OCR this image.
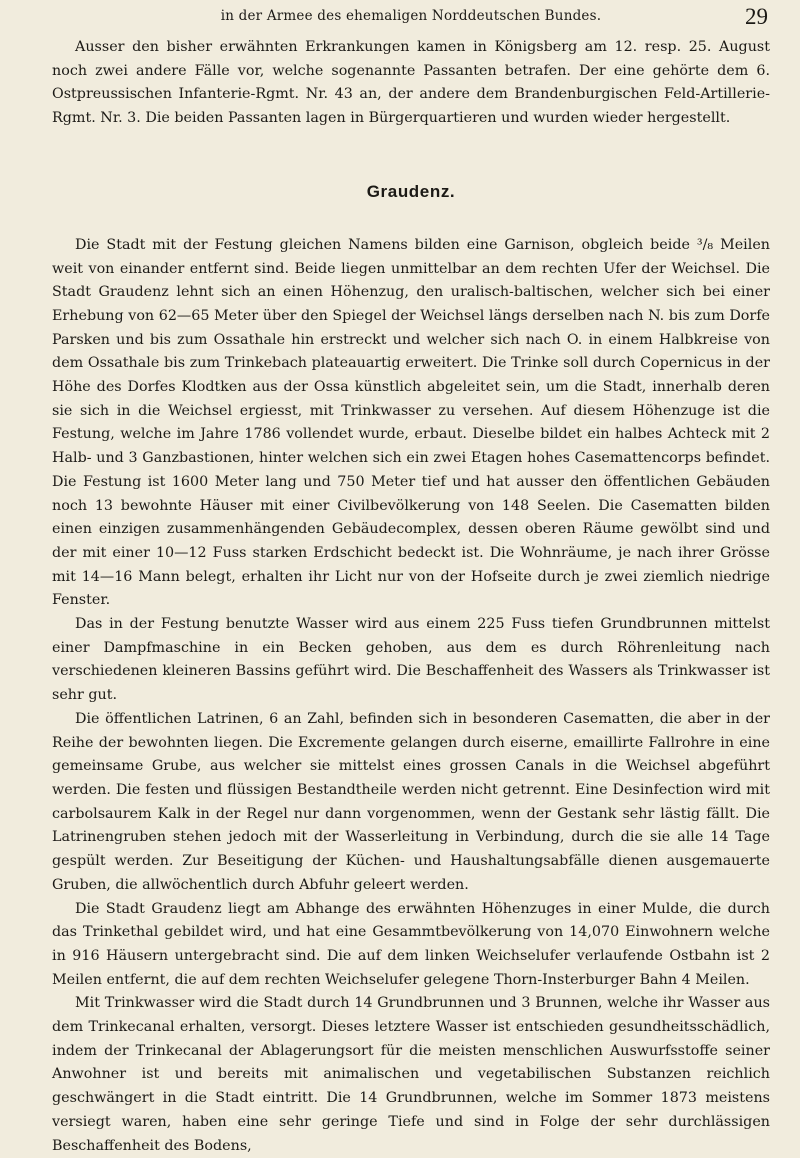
in der Armee des ehemaligen Norddeutschen Bundes.	29

Ausser den bisher erwähnten Erkrankungen kamen in Königsberg am 12. resp. 25. August noch zwei andere Fälle vor, welche sogenannte Passanten betrafen. Der eine gehörte dem 6. Ostpreussischen Infanterie-Rgmt. Nr. 43 an, der andere dem Brandenburgischen Feld-Artillerie-Rgmt. Nr. 3. Die beiden Passanten lagen in Bürgerquartieren und wurden wieder hergestellt.

Graudenz.

Die Stadt mit der Festung gleichen Namens bilden eine Garnison, obgleich beide ³/₈ Meilen weit von einander entfernt sind. Beide liegen unmittelbar an dem rechten Ufer der Weichsel. Die Stadt Graudenz lehnt sich an einen Höhenzug, den uralisch-baltischen, welcher sich bei einer Erhebung von 62—65 Meter über den Spiegel der Weichsel längs derselben nach N. bis zum Dorfe Parsken und bis zum Ossathale hin erstreckt und welcher sich nach O. in einem Halbkreise von dem Ossathale bis zum Trinkebach plateauartig erweitert. Die Trinke soll durch Copernicus in der Höhe des Dorfes Klodtken aus der Ossa künstlich abgeleitet sein, um die Stadt, innerhalb deren sie sich in die Weichsel ergiesst, mit Trinkwasser zu versehen. Auf diesem Höhenzuge ist die Festung, welche im Jahre 1786 vollendet wurde, erbaut. Dieselbe bildet ein halbes Achteck mit 2 Halb- und 3 Ganzbastionen, hinter welchen sich ein zwei Etagen hohes Casemattencorps befindet. Die Festung ist 1600 Meter lang und 750 Meter tief und hat ausser den öffentlichen Gebäuden noch 13 bewohnte Häuser mit einer Civilbevölkerung von 148 Seelen. Die Casematten bilden einen einzigen zusammenhängenden Gebäudecomplex, dessen oberen Räume gewölbt sind und der mit einer 10—12 Fuss starken Erdschicht bedeckt ist. Die Wohnräume, je nach ihrer Grösse mit 14—16 Mann belegt, erhalten ihr Licht nur von der Hofseite durch je zwei ziemlich niedrige Fenster.

Das in der Festung benutzte Wasser wird aus einem 225 Fuss tiefen Grundbrunnen mittelst einer Dampfmaschine in ein Becken gehoben, aus dem es durch Röhrenleitung nach verschiedenen kleineren Bassins geführt wird. Die Beschaffenheit des Wassers als Trinkwasser ist sehr gut.

Die öffentlichen Latrinen, 6 an Zahl, befinden sich in besonderen Casematten, die aber in der Reihe der bewohnten liegen. Die Excremente gelangen durch eiserne, emaillirte Fallrohre in eine gemeinsame Grube, aus welcher sie mittelst eines grossen Canals in die Weichsel abgeführt werden. Die festen und flüssigen Bestandtheile werden nicht getrennt. Eine Desinfection wird mit carbolsaurem Kalk in der Regel nur dann vorgenommen, wenn der Gestank sehr lästig fällt. Die Latrinengruben stehen jedoch mit der Wasserleitung in Verbindung, durch die sie alle 14 Tage gespült werden. Zur Beseitigung der Küchen- und Haushaltungsabfälle dienen ausgemauerte Gruben, die allwöchentlich durch Abfuhr geleert werden.

Die Stadt Graudenz liegt am Abhange des erwähnten Höhenzuges in einer Mulde, die durch das Trinkethal gebildet wird, und hat eine Gesammtbevölkerung von 14,070 Einwohnern welche in 916 Häusern untergebracht sind. Die auf dem linken Weichselufer verlaufende Ostbahn ist 2 Meilen entfernt, die auf dem rechten Weichselufer gelegene Thorn-Insterburger Bahn 4 Meilen.

Mit Trinkwasser wird die Stadt durch 14 Grundbrunnen und 3 Brunnen, welche ihr Wasser aus dem Trinkecanal erhalten, versorgt. Dieses letztere Wasser ist entschieden gesundheitsschädlich, indem der Trinkecanal der Ablagerungsort für die meisten menschlichen Auswurfsstoffe seiner Anwohner ist und bereits mit animalischen und vegetabilischen Substanzen reichlich geschwängert in die Stadt eintritt. Die 14 Grundbrunnen, welche im Sommer 1873 meistens versiegt waren, haben eine sehr geringe Tiefe und sind in Folge der sehr durchlässigen Beschaffenheit des Bodens,
